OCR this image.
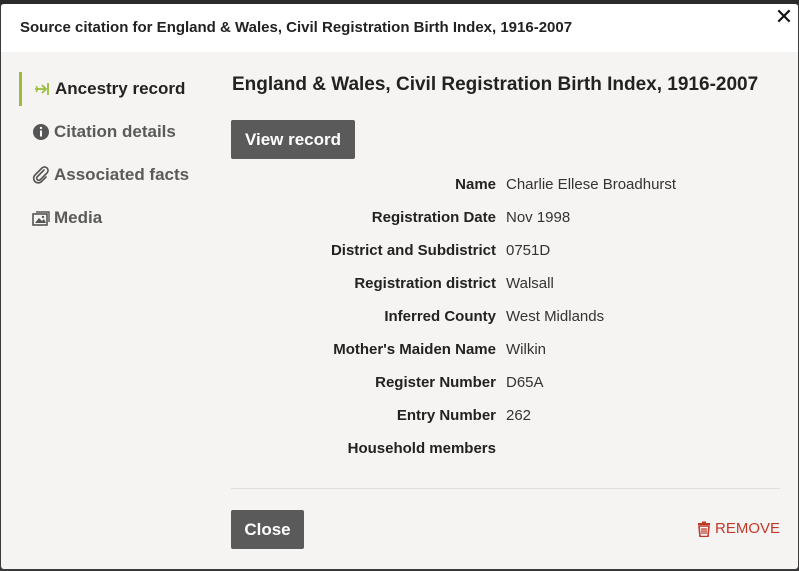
Source citation for England & Wales, Civil Registration Birth Index, 1916-2007	✕
Ancestry record
Citation details
Associated facts
Media
England & Wales, Civil Registration Birth Index, 1916-2007
View record
Name Charlie Ellese Broadhurst
Registration Date Nov 1998
District and Subdistrict 0751D
Registration district Walsall
Inferred County West Midlands
Mother's Maiden Name Wilkin
Register Number D65A
Entry Number 262
Household members
Close	REMOVE
